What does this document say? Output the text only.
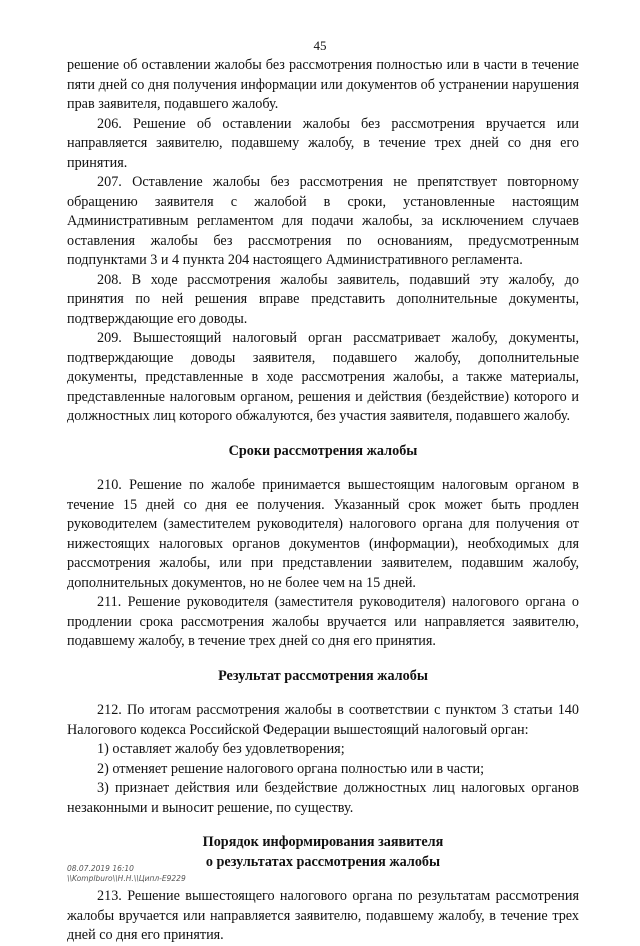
45

решение об оставлении жалобы без рассмотрения полностью или в части в течение пяти дней со дня получения информации или документов об устранении нарушения прав заявителя, подавшего жалобу.

206. Решение об оставлении жалобы без рассмотрения вручается или направляется заявителю, подавшему жалобу, в течение трех дней со дня его принятия.

207. Оставление жалобы без рассмотрения не препятствует повторному обращению заявителя с жалобой в сроки, установленные настоящим Административным регламентом для подачи жалобы, за исключением случаев оставления жалобы без рассмотрения по основаниям, предусмотренным подпунктами 3 и 4 пункта 204 настоящего Административного регламента.

208. В ходе рассмотрения жалобы заявитель, подавший эту жалобу, до принятия по ней решения вправе представить дополнительные документы, подтверждающие его доводы.

209. Вышестоящий налоговый орган рассматривает жалобу, документы, подтверждающие доводы заявителя, подавшего жалобу, дополнительные документы, представленные в ходе рассмотрения жалобы, а также материалы, представленные налоговым органом, решения и действия (бездействие) которого и должностных лиц которого обжалуются, без участия заявителя, подавшего жалобу.

Сроки рассмотрения жалобы

210. Решение по жалобе принимается вышестоящим налоговым органом в течение 15 дней со дня ее получения. Указанный срок может быть продлен руководителем (заместителем руководителя) налогового органа для получения от нижестоящих налоговых органов документов (информации), необходимых для рассмотрения жалобы, или при представлении заявителем, подавшим жалобу, дополнительных документов, но не более чем на 15 дней.

211. Решение руководителя (заместителя руководителя) налогового органа о продлении срока рассмотрения жалобы вручается или направляется заявителю, подавшему жалобу, в течение трех дней со дня его принятия.

Результат рассмотрения жалобы

212. По итогам рассмотрения жалобы в соответствии с пунктом 3 статьи 140 Налогового кодекса Российской Федерации вышестоящий налоговый орган:

1) оставляет жалобу без удовлетворения;

2) отменяет решение налогового органа полностью или в части;

3) признает действия или бездействие должностных лиц налоговых органов незаконными и выносит решение, по существу.

Порядок информирования заявителя
о результатах рассмотрения жалобы

213. Решение вышестоящего налогового органа по результатам рассмотрения жалобы вручается или направляется заявителю, подавшему жалобу, в течение трех дней со дня его принятия.

08.07.2019 16:10
\\Komplburo\\Н.Н.\\Ципл-Е9229
